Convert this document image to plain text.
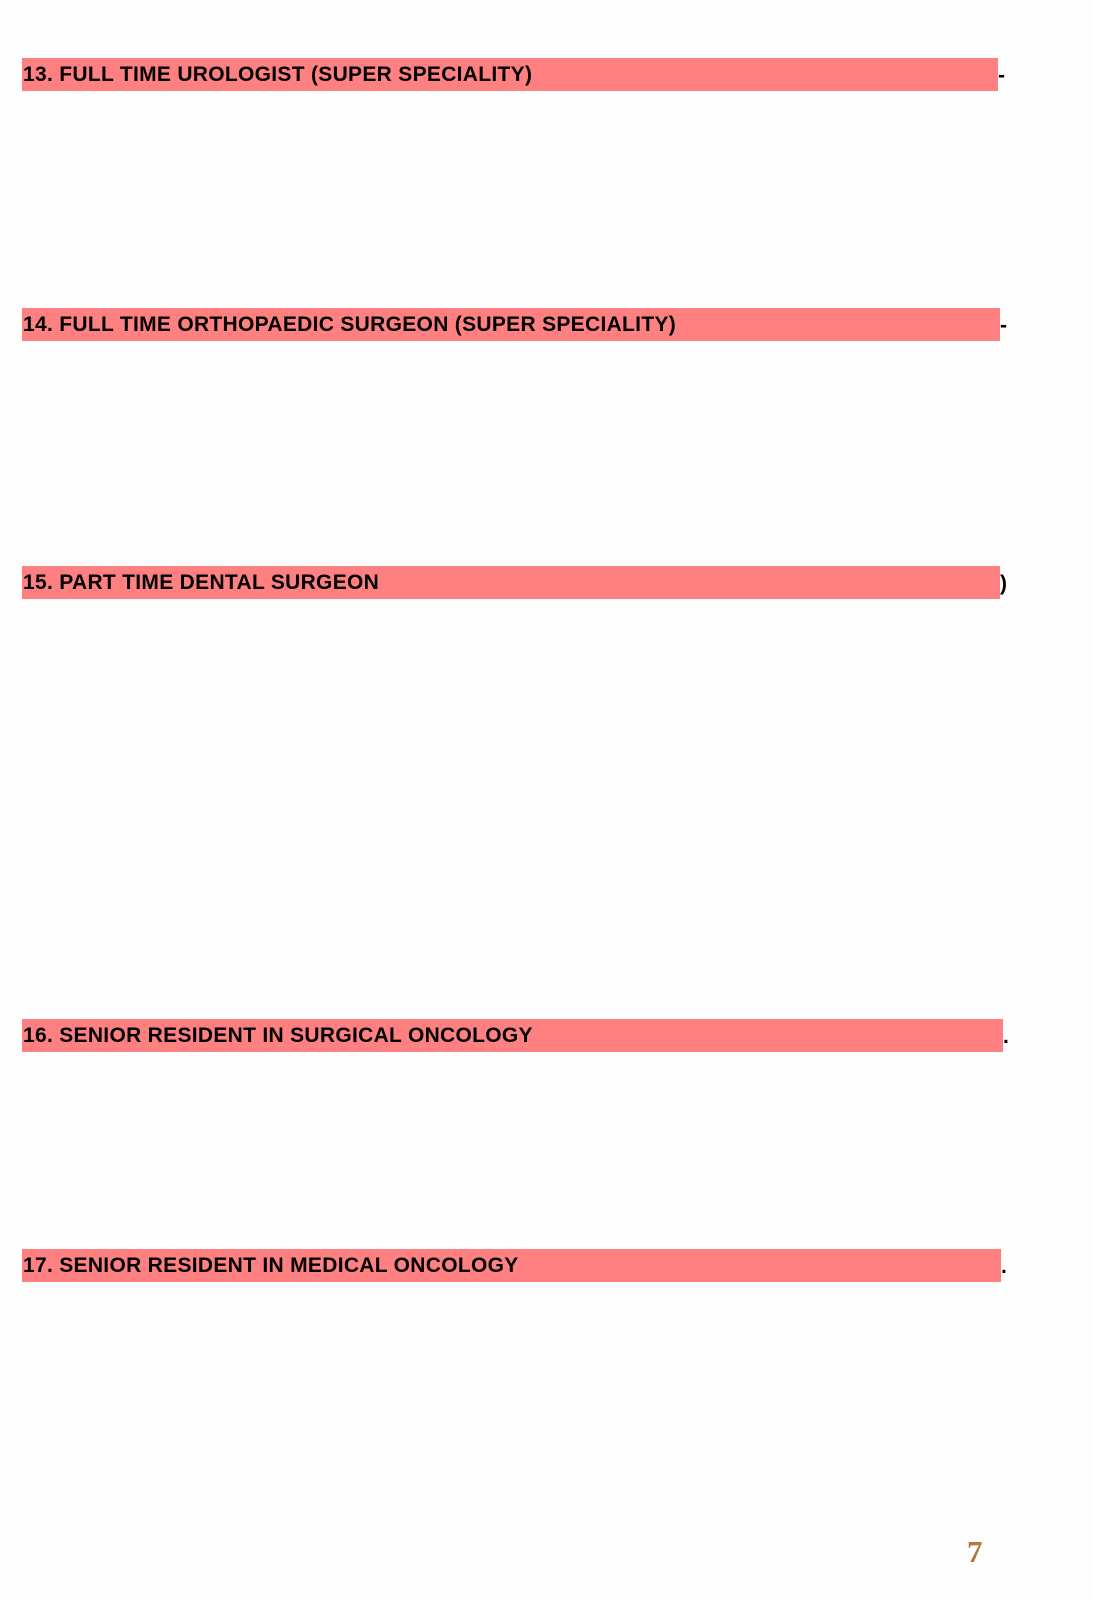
13. FULL TIME UROLOGIST (SUPER SPECIALITY)	-
14. FULL TIME ORTHOPAEDIC SURGEON (SUPER SPECIALITY)	-
15. PART TIME DENTAL SURGEON	)
16. SENIOR RESIDENT IN SURGICAL ONCOLOGY	.
17. SENIOR RESIDENT IN MEDICAL ONCOLOGY	.
7
